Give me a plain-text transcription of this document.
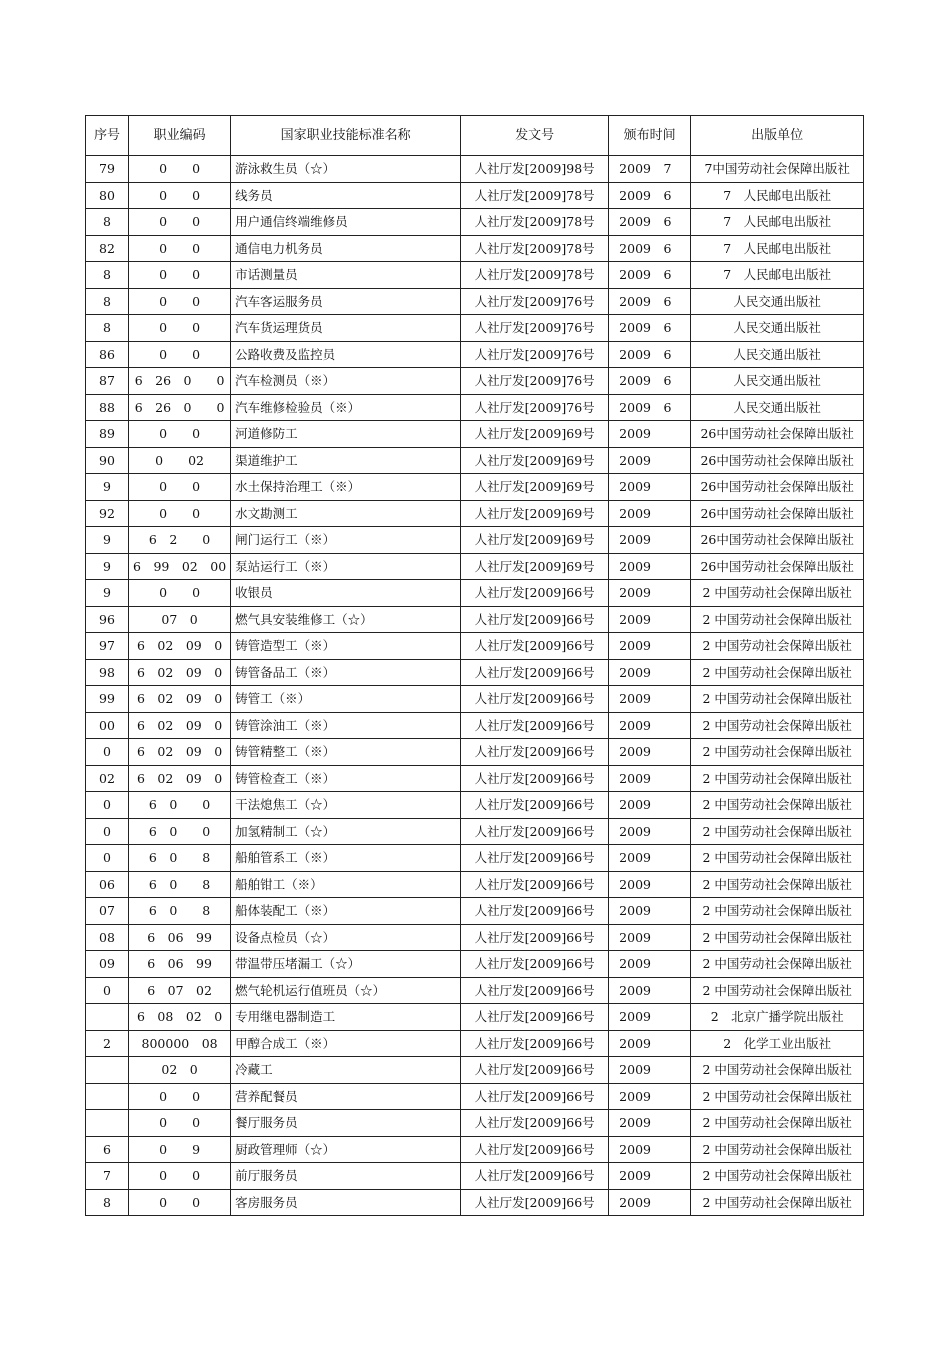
序号	职业编码	国家职业技能标准名称	发文号	颁布时间	出版单位
79	0　　0	游泳救生员（☆）	人社厅发[2009]98号	2009　7	7中国劳动社会保障出版社
80	0　　0	线务员	人社厅发[2009]78号	2009　6	7　人民邮电出版社
8	0　　0	用户通信终端维修员	人社厅发[2009]78号	2009　6	7　人民邮电出版社
82	0　　0	通信电力机务员	人社厅发[2009]78号	2009　6	7　人民邮电出版社
8	0　　0	市话测量员	人社厅发[2009]78号	2009　6	7　人民邮电出版社
8	0　　0	汽车客运服务员	人社厅发[2009]76号	2009　6	人民交通出版社
8	0　　0	汽车货运理货员	人社厅发[2009]76号	2009　6	人民交通出版社
86	0　　0	公路收费及监控员	人社厅发[2009]76号	2009　6	人民交通出版社
87	6　26　0　　0	汽车检测员（※）	人社厅发[2009]76号	2009　6	人民交通出版社
88	6　26　0　　0	汽车维修检验员（※）	人社厅发[2009]76号	2009　6	人民交通出版社
89	0　　0	河道修防工	人社厅发[2009]69号	2009	26中国劳动社会保障出版社
90	0　　02	渠道维护工	人社厅发[2009]69号	2009	26中国劳动社会保障出版社
9	0　　0	水土保持治理工（※）	人社厅发[2009]69号	2009	26中国劳动社会保障出版社
92	0　　0	水文勘测工	人社厅发[2009]69号	2009	26中国劳动社会保障出版社
9	6　2　　0	闸门运行工（※）	人社厅发[2009]69号	2009	26中国劳动社会保障出版社
9	6　99　02　00	泵站运行工（※）	人社厅发[2009]69号	2009	26中国劳动社会保障出版社
9	0　　0	收银员	人社厅发[2009]66号	2009	2 中国劳动社会保障出版社
96	07　0	燃气具安装维修工（☆）	人社厅发[2009]66号	2009	2 中国劳动社会保障出版社
97	6　02　09　0	铸管造型工（※）	人社厅发[2009]66号	2009	2 中国劳动社会保障出版社
98	6　02　09　0	铸管备品工（※）	人社厅发[2009]66号	2009	2 中国劳动社会保障出版社
99	6　02　09　0	铸管工（※）	人社厅发[2009]66号	2009	2 中国劳动社会保障出版社
00	6　02　09　0	铸管涂油工（※）	人社厅发[2009]66号	2009	2 中国劳动社会保障出版社
0	6　02　09　0	铸管精整工（※）	人社厅发[2009]66号	2009	2 中国劳动社会保障出版社
02	6　02　09　0	铸管检查工（※）	人社厅发[2009]66号	2009	2 中国劳动社会保障出版社
0	6　0　　0	干法熄焦工（☆）	人社厅发[2009]66号	2009	2 中国劳动社会保障出版社
0	6　0　　0	加氢精制工（☆）	人社厅发[2009]66号	2009	2 中国劳动社会保障出版社
0	6　0　　8	船舶管系工（※）	人社厅发[2009]66号	2009	2 中国劳动社会保障出版社
06	6　0　　8	船舶钳工（※）	人社厅发[2009]66号	2009	2 中国劳动社会保障出版社
07	6　0　　8	船体装配工（※）	人社厅发[2009]66号	2009	2 中国劳动社会保障出版社
08	6　06　99	设备点检员（☆）	人社厅发[2009]66号	2009	2 中国劳动社会保障出版社
09	6　06　99	带温带压堵漏工（☆）	人社厅发[2009]66号	2009	2 中国劳动社会保障出版社
0	6　07　02	燃气轮机运行值班员（☆）	人社厅发[2009]66号	2009	2 中国劳动社会保障出版社
	6　08　02　0	专用继电器制造工	人社厅发[2009]66号	2009	2　北京广播学院出版社
2	800000　08	甲醇合成工（※）	人社厅发[2009]66号	2009	2　化学工业出版社
	02　0	冷藏工	人社厅发[2009]66号	2009	2 中国劳动社会保障出版社
	0　　0	营养配餐员	人社厅发[2009]66号	2009	2 中国劳动社会保障出版社
	0　　0	餐厅服务员	人社厅发[2009]66号	2009	2 中国劳动社会保障出版社
6	0　　9	厨政管理师（☆）	人社厅发[2009]66号	2009	2 中国劳动社会保障出版社
7	0　　0	前厅服务员	人社厅发[2009]66号	2009	2 中国劳动社会保障出版社
8	0　　0	客房服务员	人社厅发[2009]66号	2009	2 中国劳动社会保障出版社
